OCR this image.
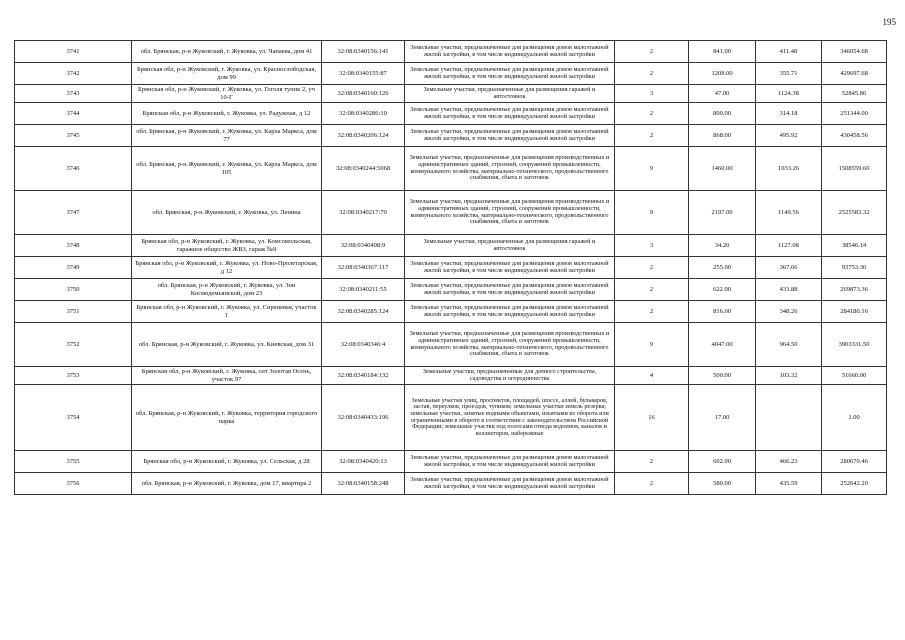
195
3741	обл. Брянская, р-н Жуковский, г. Жуковка, ул. Чапаева, дом 41	32:08:0340156:141	Земельные участки, предназначенные для размещения домов малоэтажной жилой застройки, в том числе индивидуальной жилой застройки	2	841.00	411.48	346054.68
3742	Брянская обл, р-н Жуковский, г. Жуковка, ул. Краснослободская, дом 99	32:08:0340155:87	Земельные участки, предназначенные для размещения домов малоэтажной жилой застройки, в том числе индивидуальной жилой застройки	2	1208.00	355.71	429697.68
3743	Брянская обл, р-н Жуковский, г. Жуковка, ул. Гоголя тупик 2, уч 10-Г	32:08:0340160:126	Земельные участки, предназначенные для размещения гаражей и автостоянок	3	47.00	1124.38	52845.86
3744	Брянская обл, р-н Жуковский, г. Жуковка, ул. Радужная, д 12	32:08:0340286:10	Земельные участки, предназначенные для размещения домов малоэтажной жилой застройки, в том числе индивидуальной жилой застройки	2	800.00	314.18	251344.00
3745	обл. Брянская, р-н Жуковский, г. Жуковка, ул. Карла Маркса, дом 77	32:08:0340206:124	Земельные участки, предназначенные для размещения домов малоэтажной жилой застройки, в том числе индивидуальной жилой застройки	2	868.00	495.92	430458.56
3746	обл. Брянская, р-н Жуковский, г. Жуковка, ул. Карла Маркса, дом 105	32:08:0340244:5068	Земельные участки, предназначенные для размещения производственных и административных зданий, строений, сооружений промышленности, коммунального хозяйства, материально-технического, продовольственного снабжения, сбыта и заготовок	9	1460.00	1033.26	1508559.60
3747	обл. Брянская, р-н Жуковский, г. Жуковка, ул. Ленина	32:08:0340217:79	Земельные участки, предназначенные для размещения производственных и административных зданий, строений, сооружений промышленности, коммунального хозяйства, материально-технического, продовольственного снабжения, сбыта и заготовок	9	2197.00	1149.56	2525583.32
3748	Брянская обл, р-н Жуковский, г. Жуковка, ул. Комсомольская, гаражное общество ЖВЗ, гараж №9	32:08:0340498:9	Земельные участки, предназначенные для размещения гаражей и автостоянок	3	34.20	1127.08	38546.14
3749	Брянская обл, р-н Жуковский, г. Жуковка, ул. Ново-Пролетарская, д 12	32:08:0340367:117	Земельные участки, предназначенные для размещения домов малоэтажной жилой застройки, в том числе индивидуальной жилой застройки	2	255.00	367.66	93753.30
3750	обл. Брянская, р-н Жуковский, г. Жуковка, ул. Зои Космодемьянской, дом 23	32:08:0340211:55	Земельные участки, предназначенные для размещения домов малоэтажной жилой застройки, в том числе индивидуальной жилой застройки	2	622.00	433.88	269873.36
3751	Брянская обл, р-н Жуковский, г. Жуковка, ул. Сиреневая, участок 1	32:08:0340285:124	Земельные участки, предназначенные для размещения домов малоэтажной жилой застройки, в том числе индивидуальной жилой застройки	2	816.00	348.26	284180.16
3752	обл. Брянская, р-н Жуковский, г. Жуковка, ул. Киевская, дом 31	32:08:0340346:4	Земельные участки, предназначенные для размещения производственных и административных зданий, строений, сооружений промышленности, коммунального хозяйства, материально-технического, продовольственного снабжения, сбыта и заготовок	9	4047.00	964.50	3903331.50
3753	Брянская обл, р-н Жуковский, г. Жуковка, снт Золотая Осень, участок 97	32:08:0340184:132	Земельные участки, предназначенные для дачного строительства, садоводства и огородничества	4	500.00	103.32	51660.00
3754	обл. Брянская, р-н Жуковский, г. Жуковка, территория городского парка	32:08:0340433:196	Земельные участки улиц, проспектов, площадей, шоссе, аллей, бульваров, застав, переулков, проездов, тупиков; земельные участки земель резерва; земельные участки, занятые водными объектами, изъятыми из оборота или ограниченными в обороте в соответствии с законодательством Российской Федерации; земельные участки под полосами отвода водоемов, каналов и коллекторов, набережные	16	17.00		1.00
3755	Брянская обл, р-н Жуковский, г. Жуковка, ул. Сельская, д 28	32:08:0340420:13	Земельные участки, предназначенные для размещения домов малоэтажной жилой застройки, в том числе индивидуальной жилой застройки	2	602.00	466.23	280670.46
3756	обл. Брянская, р-н Жуковский, г. Жуковка, дом 17, квартира 2	32:08:0340158:248	Земельные участки, предназначенные для размещения домов малоэтажной жилой застройки, в том числе индивидуальной жилой застройки	2	580.00	435.59	252642.20
